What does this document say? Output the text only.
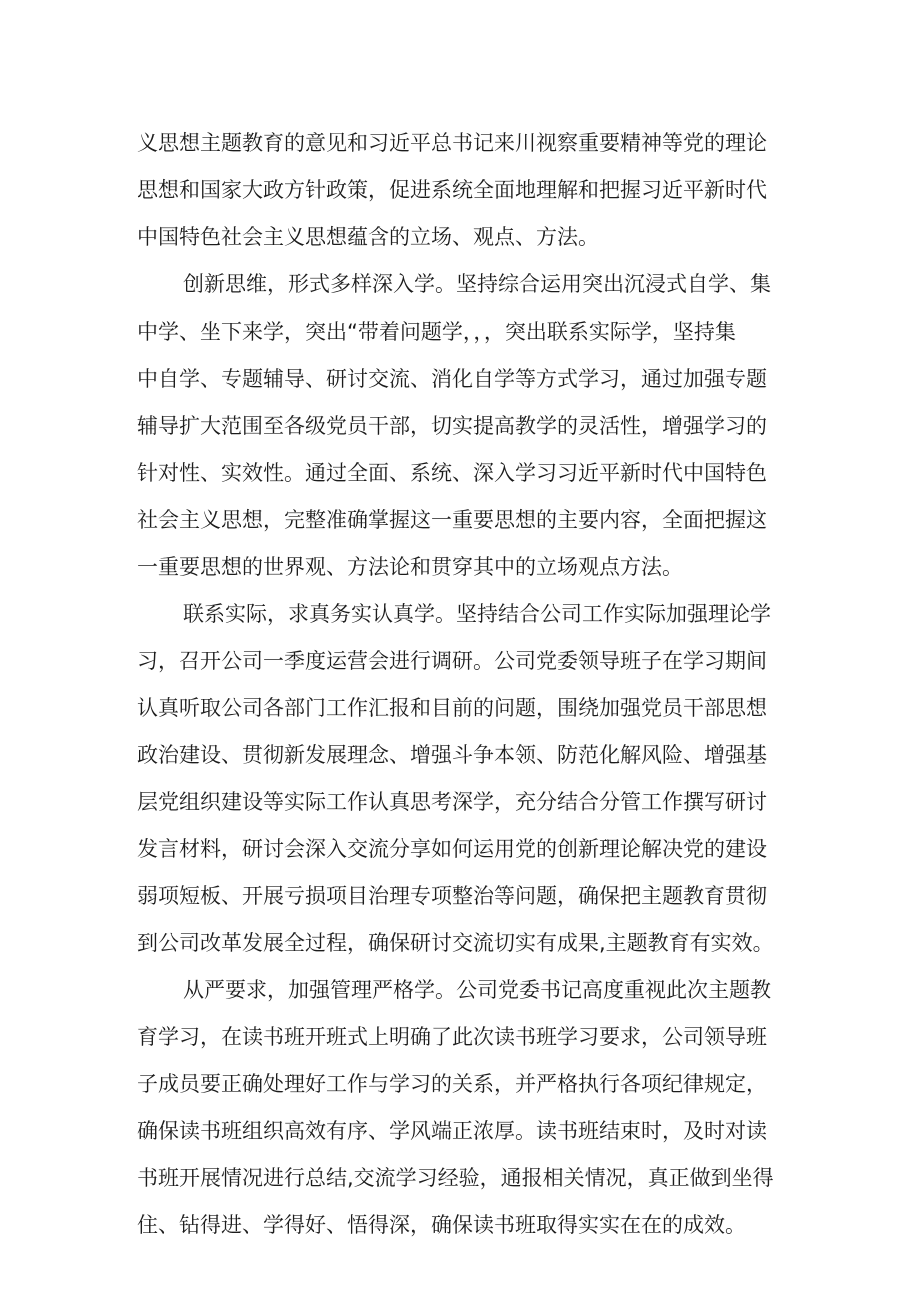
义思想主题教育的意见和习近平总书记来川视察重要精神等党的理论
思想和国家大政方针政策，促进系统全面地理解和把握习近平新时代
中国特色社会主义思想蕴含的立场、观点、方法。
创新思维，形式多样深入学。坚持综合运用突出沉浸式自学、集
中学、坐下来学，突出“带着问题学，，，突出联系实际学，坚持集
中自学、专题辅导、研讨交流、消化自学等方式学习，通过加强专题
辅导扩大范围至各级党员干部，切实提高教学的灵活性，增强学习的
针对性、实效性。通过全面、系统、深入学习习近平新时代中国特色
社会主义思想，完整准确掌握这一重要思想的主要内容，全面把握这
一重要思想的世界观、方法论和贯穿其中的立场观点方法。
联系实际，求真务实认真学。坚持结合公司工作实际加强理论学
习，召开公司一季度运营会进行调研。公司党委领导班子在学习期间
认真听取公司各部门工作汇报和目前的问题，围绕加强党员干部思想
政治建设、贯彻新发展理念、增强斗争本领、防范化解风险、增强基
层党组织建设等实际工作认真思考深学，充分结合分管工作撰写研讨
发言材料，研讨会深入交流分享如何运用党的创新理论解决党的建设
弱项短板、开展亏损项目治理专项整治等问题，确保把主题教育贯彻
到公司改革发展全过程，确保研讨交流切实有成果,主题教育有实效。
从严要求，加强管理严格学。公司党委书记高度重视此次主题教
育学习，在读书班开班式上明确了此次读书班学习要求，公司领导班
子成员要正确处理好工作与学习的关系，并严格执行各项纪律规定，
确保读书班组织高效有序、学风端正浓厚。读书班结束时，及时对读
书班开展情况进行总结,交流学习经验，通报相关情况，真正做到坐得
住、钻得进、学得好、悟得深，确保读书班取得实实在在的成效。
